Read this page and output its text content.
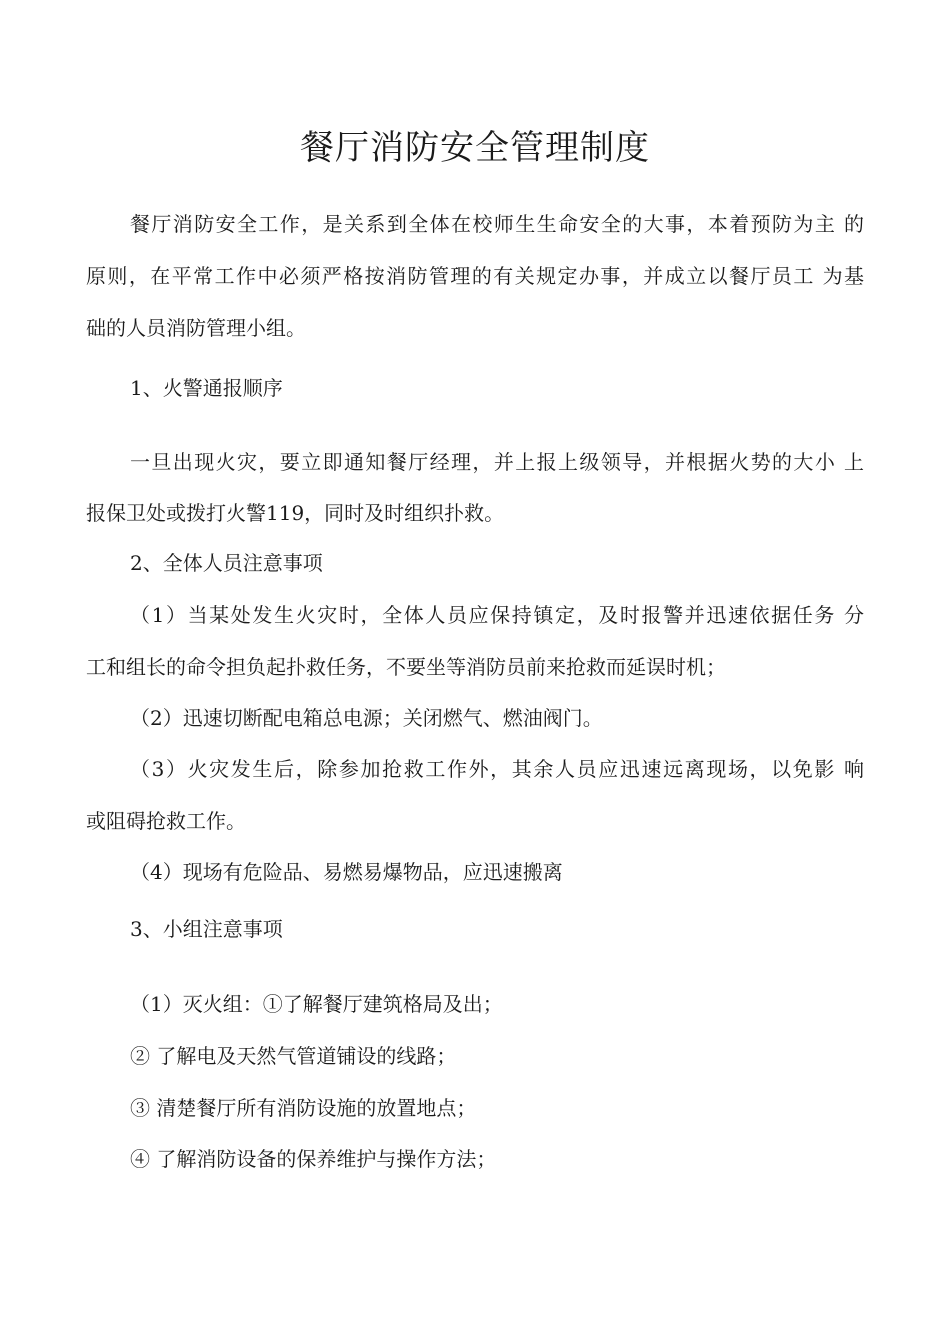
餐厅消防安全管理制度
餐厅消防安全工作，是关系到全体在校师生生命安全的大事，本着预防为主 的
原则，在平常工作中必须严格按消防管理的有关规定办事，并成立以餐厅员工 为基
础的人员消防管理小组。
1、火警通报顺序
一旦出现火灾，要立即通知餐厅经理，并上报上级领导，并根据火势的大小 上
报保卫处或拨打火警119，同时及时组织扑救。
2、全体人员注意事项
（1）当某处发生火灾时，全体人员应保持镇定，及时报警并迅速依据任务 分
工和组长的命令担负起扑救任务，不要坐等消防员前来抢救而延误时机；
（2）迅速切断配电箱总电源；关闭燃气、燃油阀门。
（3）火灾发生后，除参加抢救工作外，其余人员应迅速远离现场，以免影 响
或阻碍抢救工作。
（4）现场有危险品、易燃易爆物品，应迅速搬离
3、小组注意事项
（1）灭火组：①了解餐厅建筑格局及出；
② 了解电及天然气管道铺设的线路；
③ 清楚餐厅所有消防设施的放置地点；
④ 了解消防设备的保养维护与操作方法；
